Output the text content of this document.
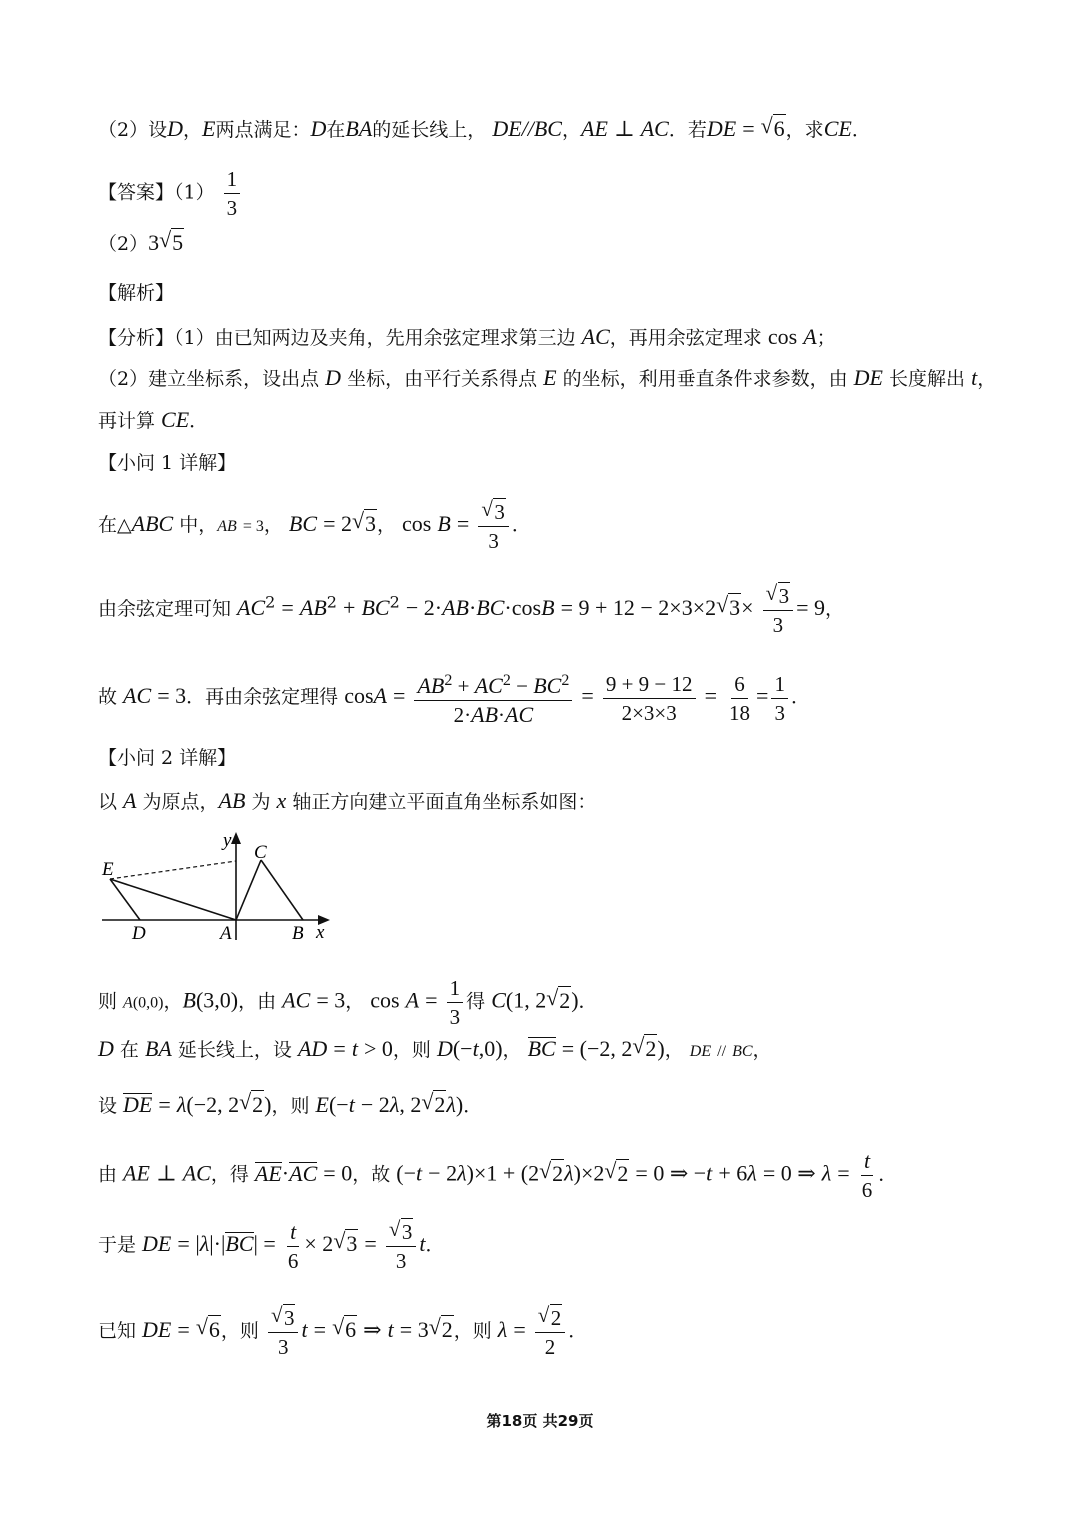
（2）设D，E两点满足：D在BA的延长线上， DE//BC，AE ⊥ AC．若DE = √ 6，求CE．
【答案】$(1) \frac{1}{3}$
（2）3√ 5
【解析】
【分析】（1）由已知两边及夹角，先用余弦定理求第三边 AC，再用余弦定理求 cos A；
（2）建立坐标系，设出点 D 坐标，由平行关系得点 E 的坐标，利用垂直条件求参数，由 DE 长度解出 t，
再计算 CE．
【小问 1 详解】
在△ABC 中，AB = 3， BC = 2√ 3， cos B =
√ $\frac{3}{3}$ ．
由余弦定理可知 $AC^2 = AB^2 + BC^2 - 2\cdot AB\cdot BC\cdot\cos B = 9 + 12 - 2\times 3\times 2√$ 3×
√ $\frac{3}{3} = 9$，
故 AC = 3．再由余弦定理得 $\cos A = \frac{AB^2 + AC^2 - BC^2}{2\cdot AB\cdot AC} = \frac{9 + 9 - 12}{2\times 3\times 3} = \frac{6}{18} = \frac{1}{3}$ ．
【小问 2 详解】
以 A 为原点，AB 为 x 轴正方向建立平面直角坐标系如图：
y
x
C
E
D	A	B
则 A(0,0)，B(3,0)，由 AC = 3， $\cos A = \frac{1}{3}$ 得 C(1, 2√ 2)．
D 在 BA 延长线上，设 AD = t > 0，则 D(−t,0)， BC = (−2, 2√ 2)， DE // BC，
设 DE = λ(−2, 2√ 2)，则 E(−t − 2λ, 2√ 2λ)．
由 AE ⊥ AC，得 AE·AC = 0，故 (−t − 2λ)×1 + (2√ 2λ)×2√ 2 = 0 ⇒ −t + 6λ = 0 ⇒ $\lambda = \frac{t}{6}$ ．
于是 DE = $|\lambda|\cdot|BC| = \frac{t}{6} \times 2√$ 3 =
√ $\frac{3}{3}$ t．
已知 DE = √ 6，则
√ $\frac{3}{3}$ t = √ 6 ⇒ t = 3√ 2，则 λ =
√ $\frac{2}{2}$ ．
第18页 共29页
